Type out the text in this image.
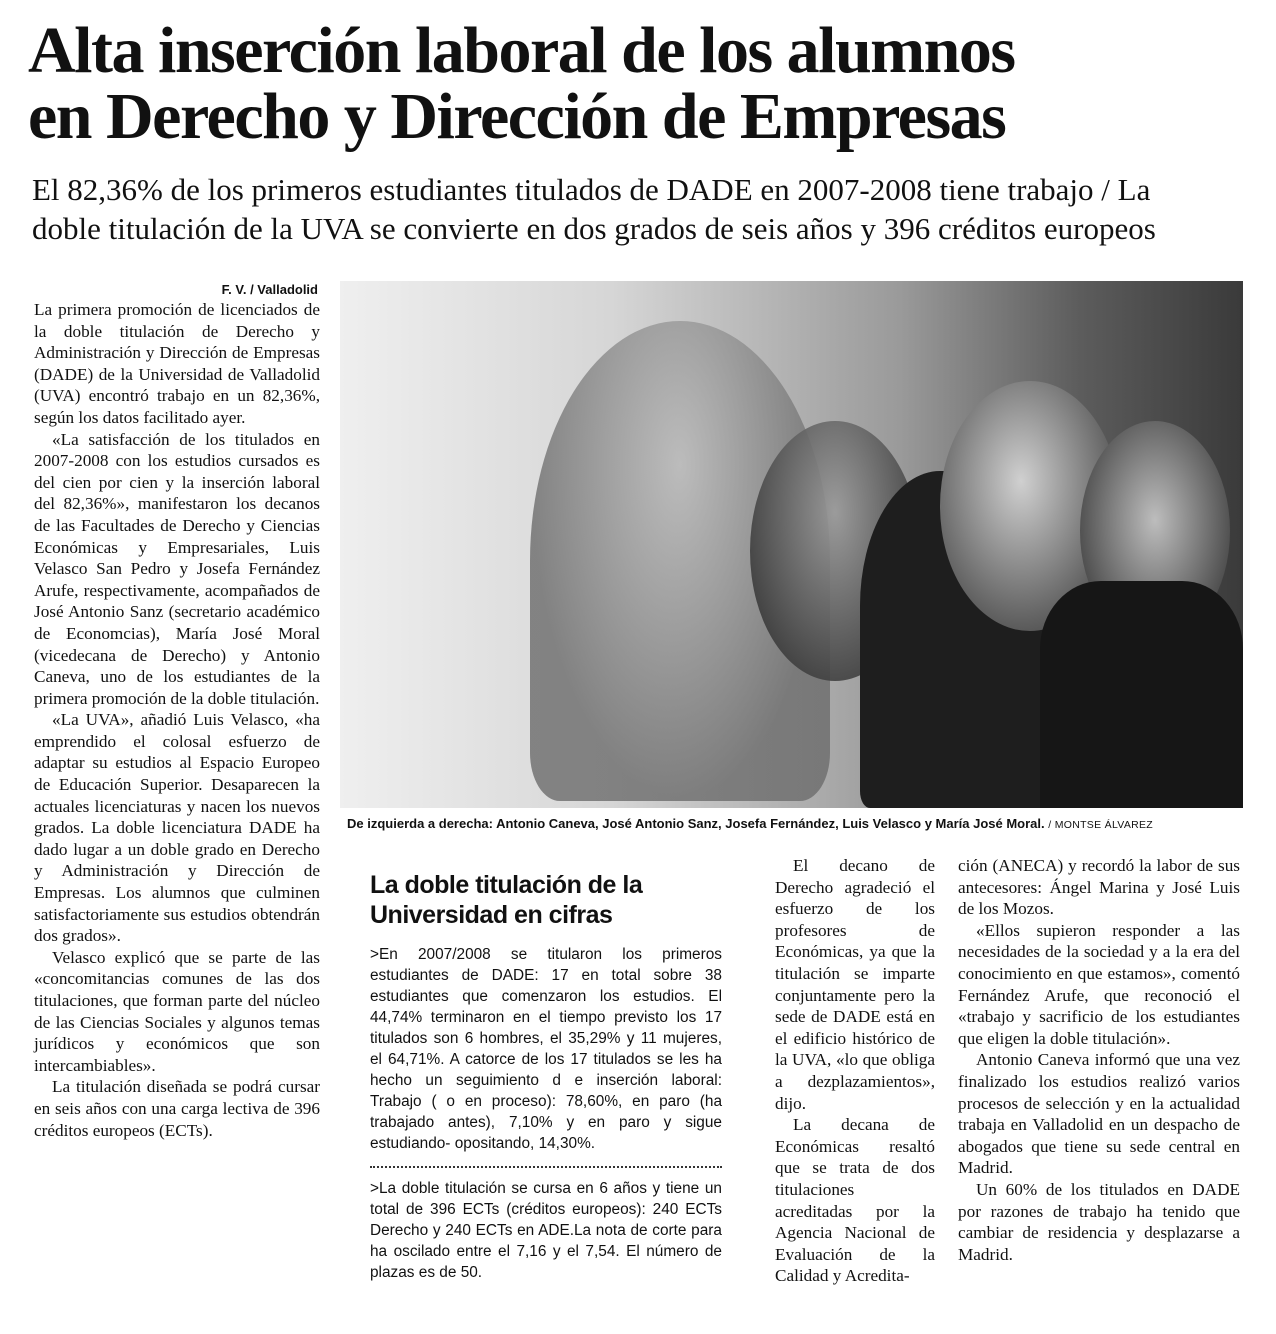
Alta inserción laboral de los alumnos
en Derecho y Dirección de Empresas
El 82,36% de los primeros estudiantes titulados de DADE en 2007-2008 tiene trabajo / La
doble titulación de la UVA se convierte en dos grados de seis años y 396 créditos europeos
F. V. / Valladolid

La primera promoción de licenciados de la doble titulación de Derecho y Administración y Dirección de Empresas (DADE) de la Universidad de Valladolid (UVA) encontró trabajo en un 82,36%, según los datos facilitado ayer.

«La satisfacción de los titulados en 2007-2008 con los estudios cursados es del cien por cien y la inserción laboral del 82,36%», manifestaron los decanos de las Facultades de Derecho y Ciencias Económicas y Empresariales, Luis Velasco San Pedro y Josefa Fernández Arufe, respectivamente, acompañados de José Antonio Sanz (secretario académico de Economcias), María José Moral (vicedecana de Derecho) y Antonio Caneva, uno de los estudiantes de la primera promoción de la doble titulación.

«La UVA», añadió Luis Velasco, «ha emprendido el colosal esfuerzo de adaptar su estudios al Espacio Europeo de Educación Superior. Desaparecen la actuales licenciaturas y nacen los nuevos grados. La doble licenciatura DADE ha dado lugar a un doble grado en Derecho y Administración y Dirección de Empresas. Los alumnos que culminen satisfactoriamente sus estudios obtendrán dos grados».

Velasco explicó que se parte de las «concomitancias comunes de las dos titulaciones, que forman parte del núcleo de las Ciencias Sociales y algunos temas jurídicos y económicos que son intercambiables».

La titulación diseñada se podrá cursar en seis años con una carga lectiva de 396 créditos europeos (ECTs).

De izquierda a derecha: Antonio Caneva, José Antonio Sanz, Josefa Fernández, Luis Velasco y María José Moral. / MONTSE ÁLVAREZ
La doble titulación de la Universidad en cifras

>En 2007/2008 se titularon los primeros estudiantes de DADE: 17 en total sobre 38 estudiantes que comenzaron los estudios. El 44,74% terminaron en el tiempo previsto los 17 titulados son 6 hombres, el 35,29% y 11 mujeres, el 64,71%. A catorce de los 17 titulados se les ha hecho un seguimiento d e inserción laboral: Trabajo ( o en proceso): 78,60%, en paro (ha trabajado antes), 7,10% y en paro y sigue estudiando- opositando, 14,30%.

>La doble titulación se cursa en 6 años y tiene un total de 396 ECTs (créditos europeos): 240 ECTs Derecho y 240 ECTs en ADE.La nota de corte para ha oscilado entre el 7,16 y el 7,54. El número de plazas es de 50.

El decano de Derecho agradeció el esfuerzo de los profesores de Económicas, ya que la titulación se imparte conjuntamente pero la sede de DADE está en el edificio histórico de la UVA, «lo que obliga a dezplazamientos», dijo.

La decana de Económicas resaltó que se trata de dos titulaciones acreditadas por la Agencia Nacional de Evaluación de la Calidad y Acredita-

ción (ANECA) y recordó la labor de sus antecesores: Ángel Marina y José Luis de los Mozos.

«Ellos supieron responder a las necesidades de la sociedad y a la era del conocimiento en que estamos», comentó Fernández Arufe, que reconoció el «trabajo y sacrificio de los estudiantes que eligen la doble titulación».

Antonio Caneva informó que una vez finalizado los estudios realizó varios procesos de selección y en la actualidad trabaja en Valladolid en un despacho de abogados que tiene su sede central en Madrid.

Un 60% de los titulados en DADE por razones de trabajo ha tenido que cambiar de residencia y desplazarse a Madrid.
